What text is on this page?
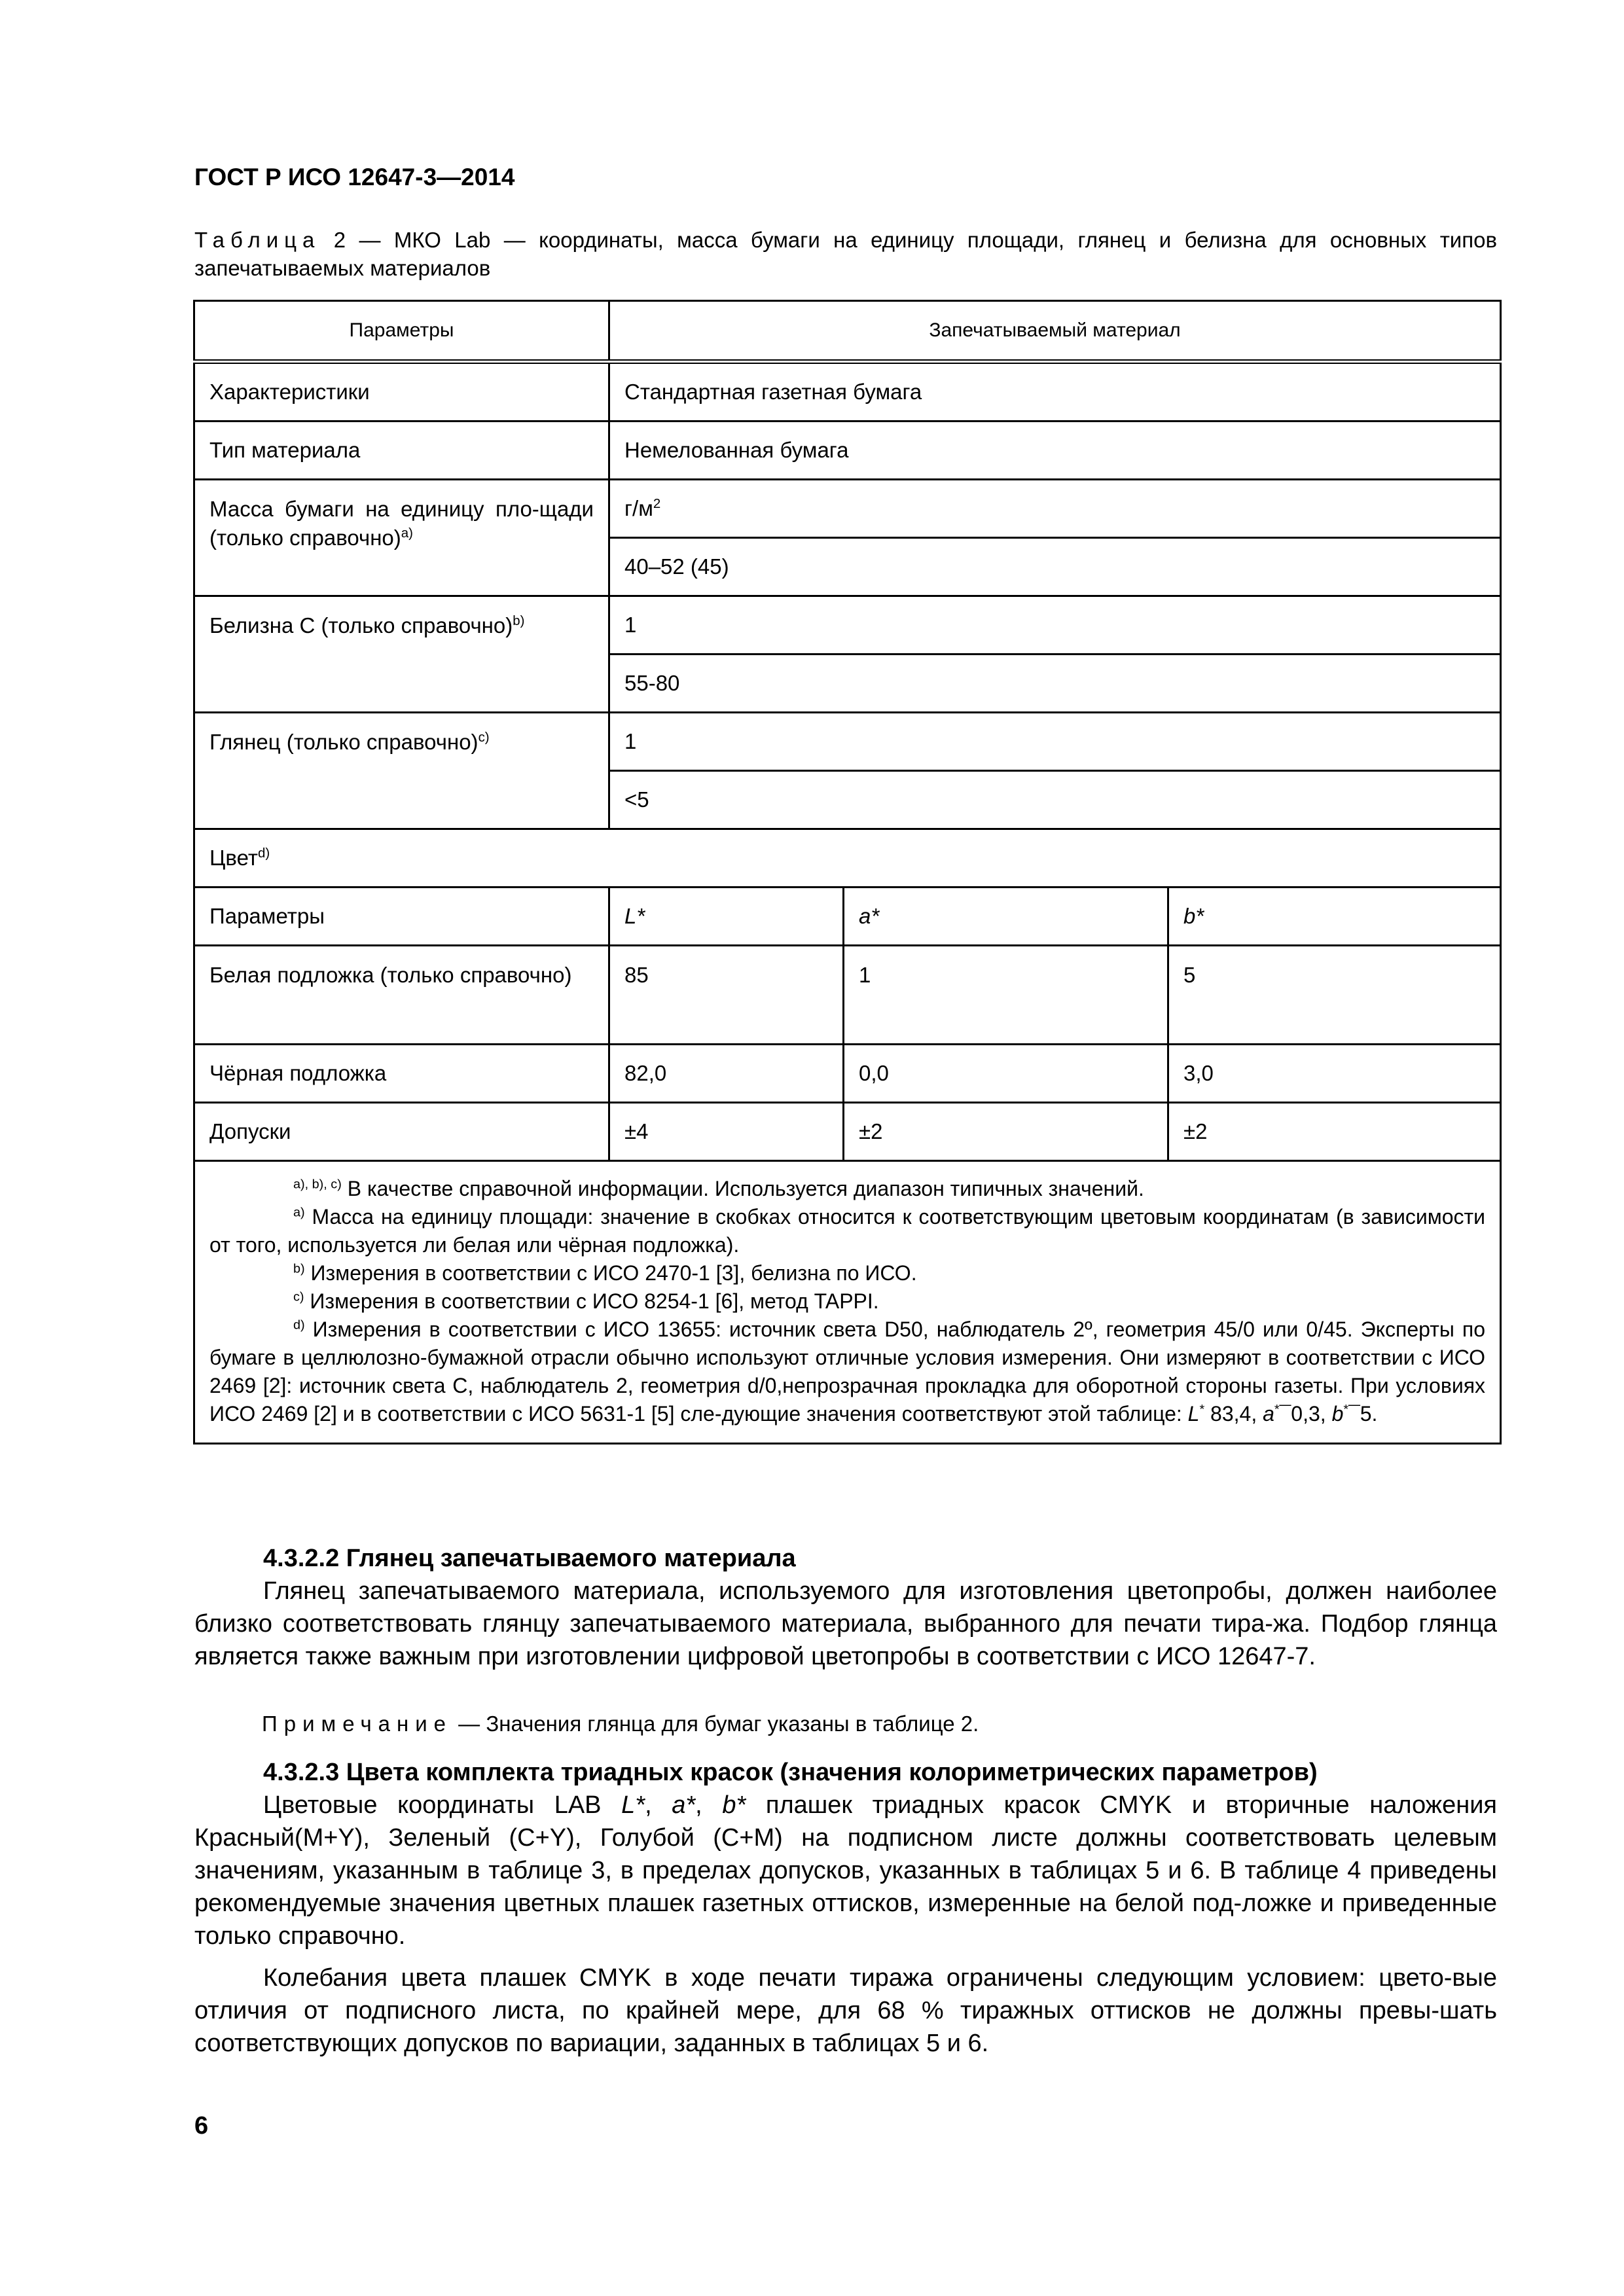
ГОСТ Р ИСО 12647-3—2014
Таблица 2 — МКО Lab — координаты, масса бумаги на единицу площади, глянец и белизна для основных типов запечатываемых материалов
Параметры	Запечатываемый материал		
Характеристики	Стандартная газетная бумага		
Тип материала	Немелованная бумага		

Масса бумаги на единицу пло-щади (только справочно)$^{a)}$	$г/м^2$
	40–52 (45)		
Белизна С (только справочно)$^{b)}$	1		
	55-80		
Глянец (только справочно)$^{c)}$	1		
	<5		
Цвет$^{d)}$
Параметры	L*	a*	b*

Белая подложка (только справочно)	85	1	5
Чёрная подложка	82,0	0,0	3,0
Допуски	±4	±2	±2

$^{a), b), c)}$ В качестве справочной информации. Используется диапазон типичных значений.
$^{a)}$ Масса на единицу площади: значение в скобках относится к соответствующим цветовым координатам (в зависимости от того, используется ли белая или чёрная подложка).
$^{b)}$ Измерения в соответствии с ИСО 2470-1 [3], белизна по ИСО.
$^{c)}$ Измерения в соответствии с ИСО 8254-1 [6], метод TAPPI.
$^{d)}$ Измерения в соответствии с ИСО 13655: источник света D50, наблюдатель 2º, геометрия 45/0 или 0/45. Эксперты по бумаге в целлюлозно-бумажной отрасли обычно используют отличные условия измерения. Они измеряют в соответствии с ИСО 2469 [2]: источник света С, наблюдатель 2, геометрия d/0,непрозрачная прокладка для оборотной стороны газеты. При условиях ИСО 2469 [2] и в соответствии с ИСО 5631-1 [5] сле-дующие значения соответствуют этой таблице: L* 83,4, a*¯0,3, b*¯5.			
4.3.2.2 Глянец запечатываемого материала

Глянец запечатываемого материала, используемого для изготовления цветопробы, должен наиболее близко соответствовать глянцу запечатываемого материала, выбранного для печати тира-жа. Подбор глянца является также важным при изготовлении цифровой цветопробы в соответствии с ИСО 12647-7.

Примечание — Значения глянца для бумаг указаны в таблице 2.
4.3.2.3 Цвета комплекта триадных красок (значения колориметрических параметров)

Цветовые координаты LAB L*, a*, b* плашек триадных красок CMYK и вторичные наложения Красный(М+Y), Зеленый (С+Y), Голубой (С+М) на подписном листе должны соответствовать целевым значениям, указанным в таблице 3, в пределах допусков, указанных в таблицах 5 и 6. В таблице 4 приведены рекомендуемые значения цветных плашек газетных оттисков, измеренные на белой под-ложке и приведенные только справочно.

Колебания цвета плашек CMYK в ходе печати тиража ограничены следующим условием: цвето-вые отличия от подписного листа, по крайней мере, для 68 % тиражных оттисков не должны превы-шать соответствующих допусков по вариации, заданных в таблицах 5 и 6.

6
